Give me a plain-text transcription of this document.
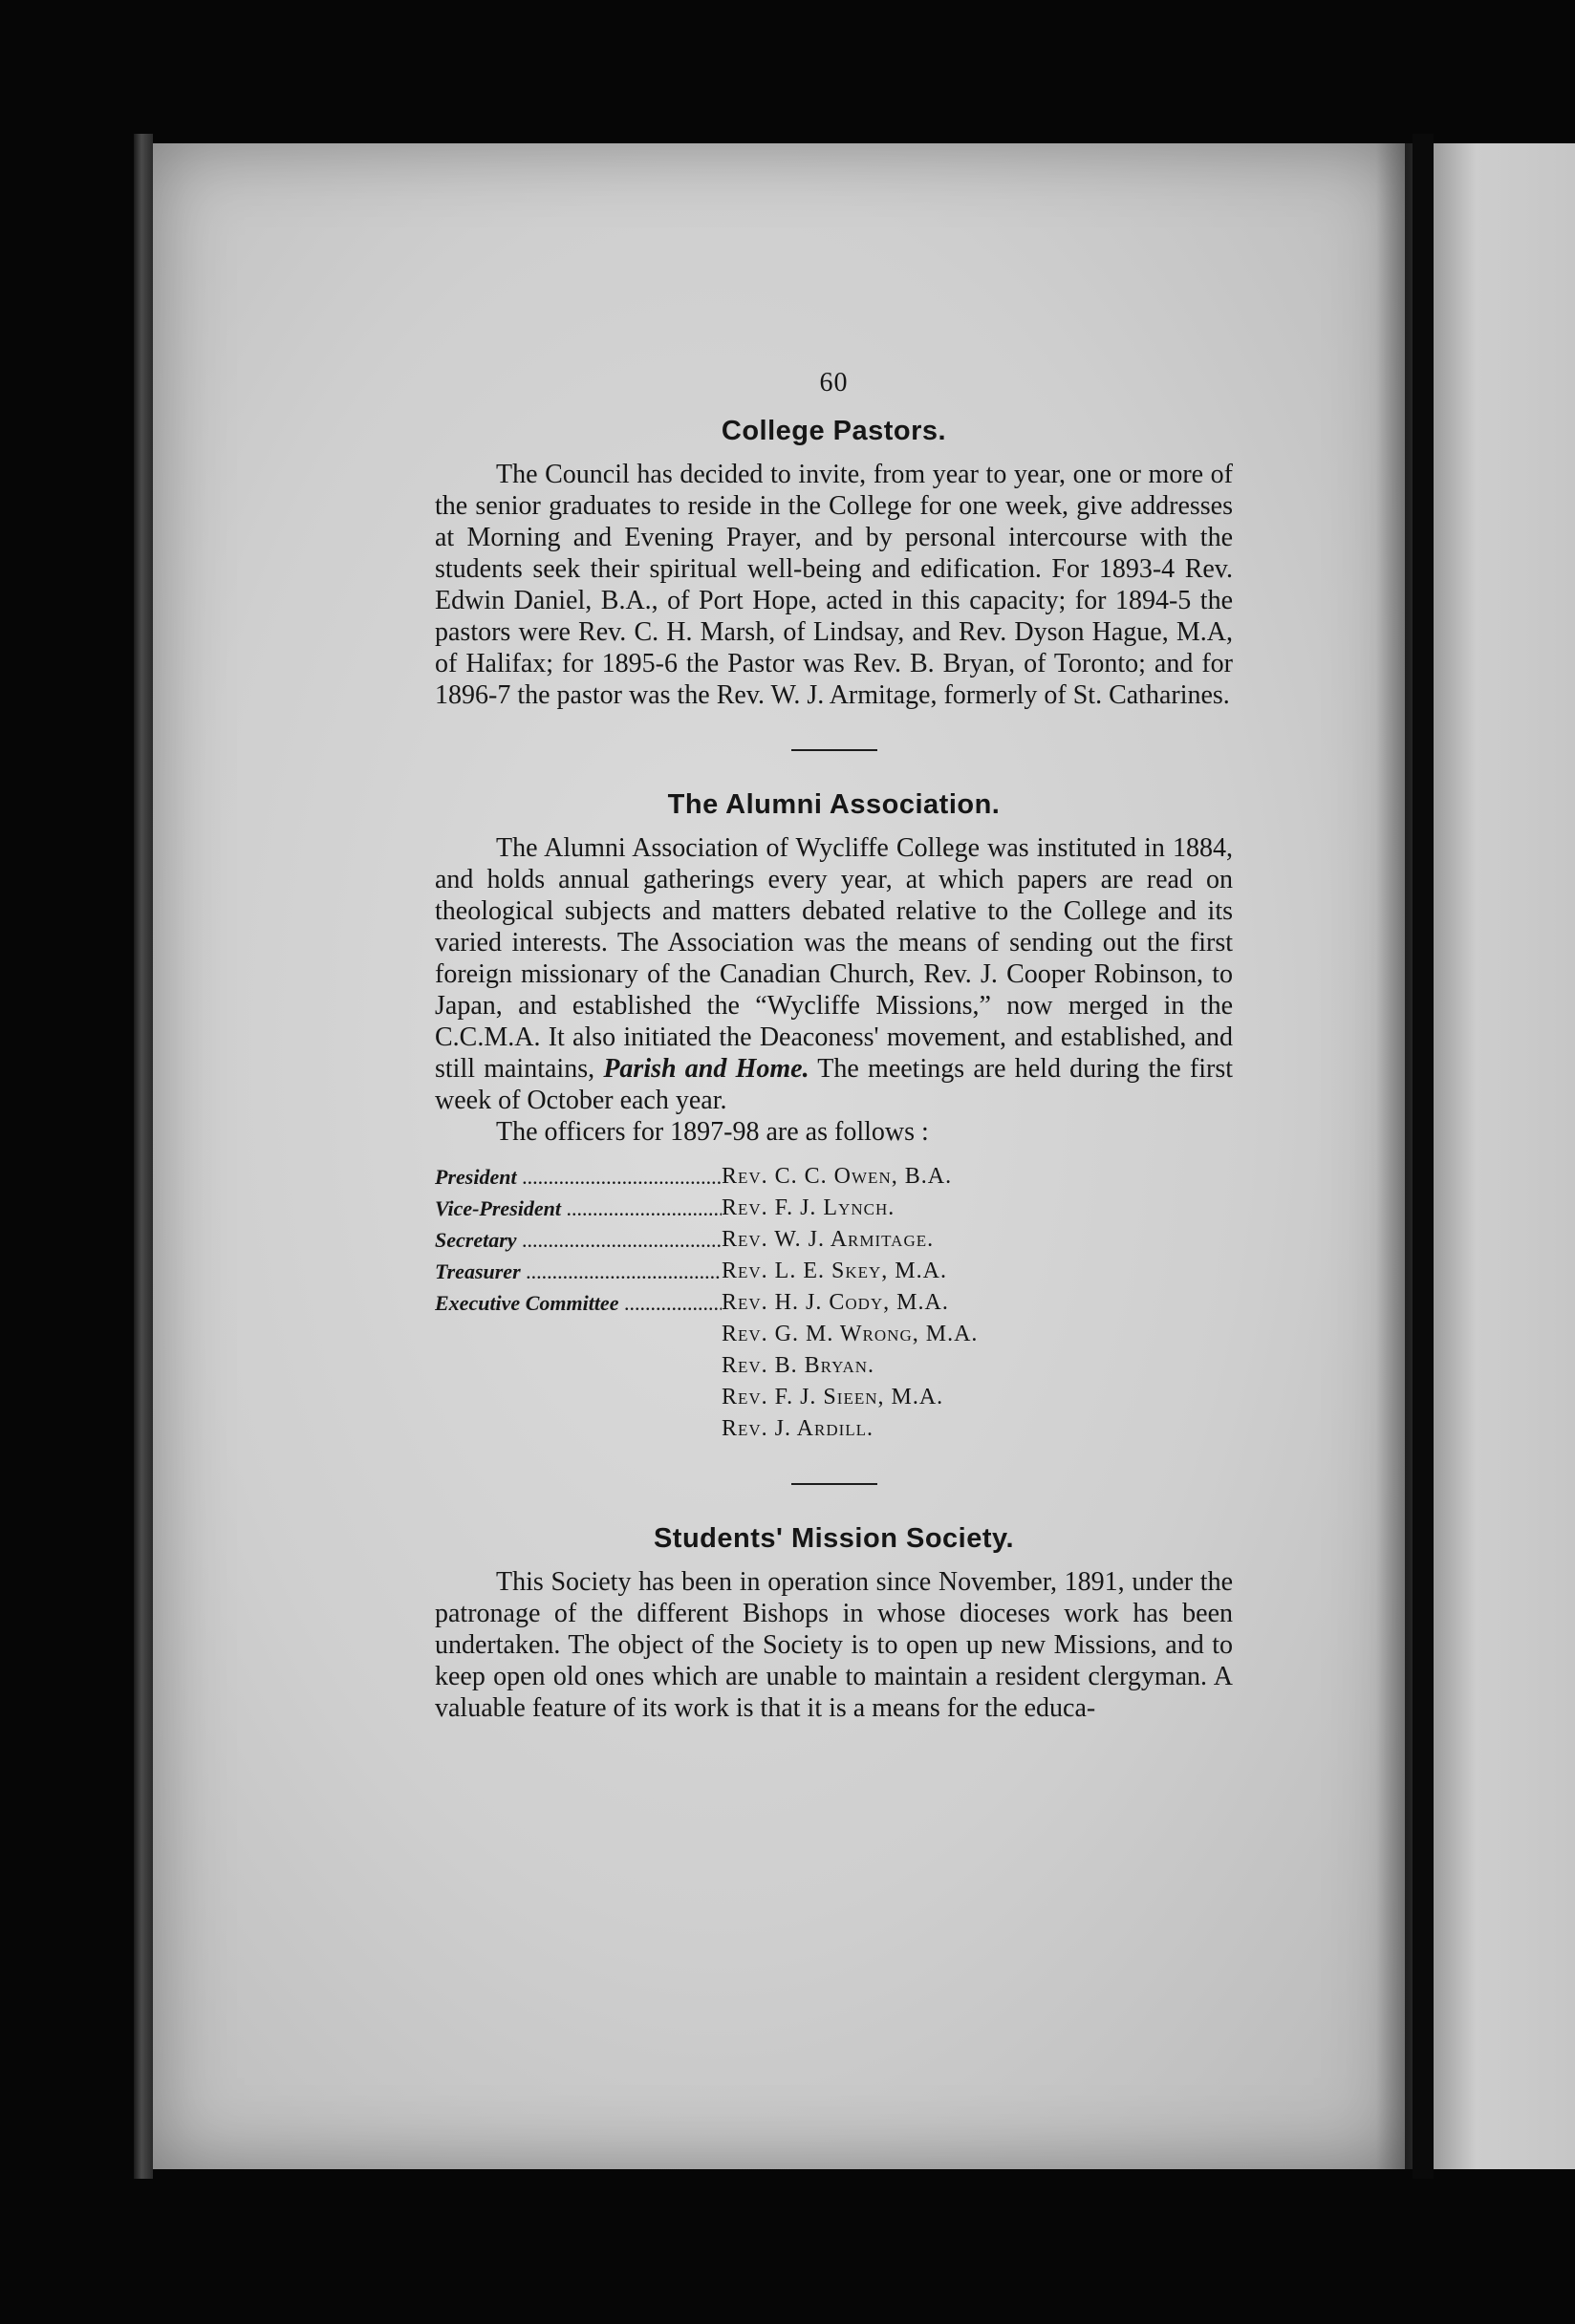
60
College Pastors.

The Council has decided to invite, from year to year, one or more of the senior graduates to reside in the College for one week, give addresses at Morning and Evening Prayer, and by personal intercourse with the students seek their spiritual well-being and edification. For 1893-4 Rev. Edwin Daniel, B.A., of Port Hope, acted in this capacity; for 1894-5 the pastors were Rev. C. H. Marsh, of Lindsay, and Rev. Dyson Hague, M.A, of Halifax; for 1895-6 the Pastor was Rev. B. Bryan, of Toronto; and for 1896-7 the pastor was the Rev. W. J. Armitage, formerly of St. Catharines.

The Alumni Association.

The Alumni Association of Wycliffe College was instituted in 1884, and holds annual gatherings every year, at which papers are read on theological subjects and matters debated relative to the College and its varied interests. The Association was the means of sending out the first foreign missionary of the Canadian Church, Rev. J. Cooper Robinson, to Japan, and established the “Wycliffe Missions,” now merged in the C.C.M.A. It also initiated the Deaconess' movement, and established, and still maintains, Parish and Home. The meetings are held during the first week of October each year.

The officers for 1897-98 are as follows :

President .....	Rev. C. C. Owen, B.A.
Vice-President .....	Rev. F. J. Lynch.
Secretary .....	Rev. W. J. Armitage.
Treasurer .....	Rev. L. E. Skey, M.A.
Executive Committee .....	Rev. H. J. Cody, M.A.
Rev. G. M. Wrong, M.A.
Rev. B. Bryan.
Rev. F. J. Sieen, M.A.
Rev. J. Ardill.
Students' Mission Society.

This Society has been in operation since November, 1891, under the patronage of the different Bishops in whose dioceses work has been undertaken. The object of the Society is to open up new Missions, and to keep open old ones which are unable to maintain a resident clergyman. A valuable feature of its work is that it is a means for the educa-
